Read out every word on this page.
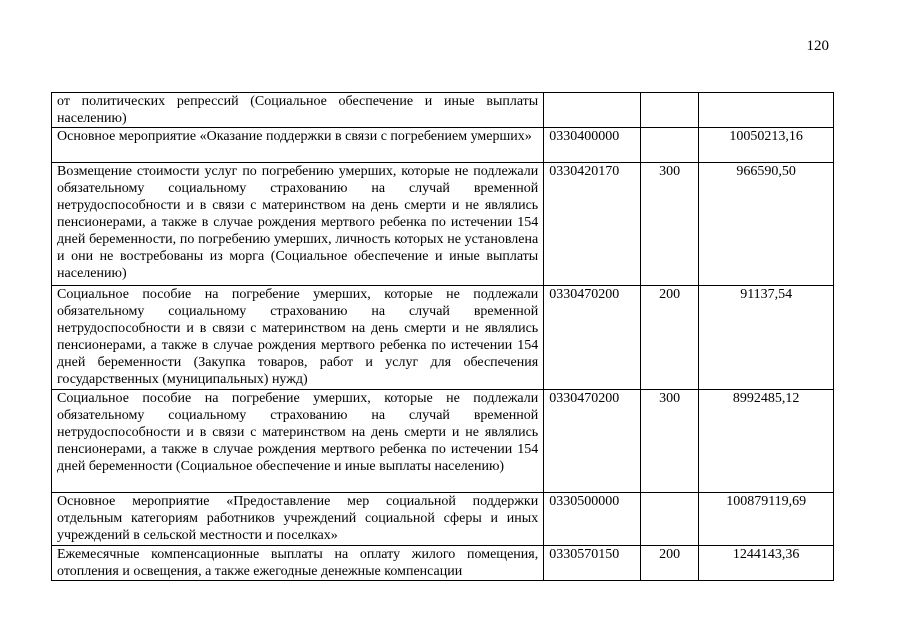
120
от политических репрессий (Социальное обеспечение и иные выплаты населению)			
Основное мероприятие «Оказание поддержки в связи с погребением умерших»	0330400000		10050213,16
Возмещение стоимости услуг по погребению умерших, которые не подлежали обязательному социальному страхованию на случай временной нетрудоспособности и в связи с материнством на день смерти и не являлись пенсионерами, а также в случае рождения мертвого ребенка по истечении 154 дней беременности, по погребению умерших, личность которых не установлена и они не востребованы из морга (Социальное обеспечение и иные выплаты населению)	0330420170	300	966590,50
Социальное пособие на погребение умерших, которые не подлежали обязательному социальному страхованию на случай временной нетрудоспособности и в связи с материнством на день смерти и не являлись пенсионерами, а также в случае рождения мертвого ребенка по истечении 154 дней беременности (Закупка товаров, работ и услуг для обеспечения государственных (муниципальных) нужд)	0330470200	200	91137,54
Социальное пособие на погребение умерших, которые не подлежали обязательному социальному страхованию на случай временной нетрудоспособности и в связи с материнством на день смерти и не являлись пенсионерами, а также в случае рождения мертвого ребенка по истечении 154 дней беременности (Социальное обеспечение и иные выплаты населению)	0330470200	300	8992485,12
Основное мероприятие «Предоставление мер социальной поддержки отдельным категориям работников учреждений социальной сферы и иных учреждений в сельской местности и поселках»	0330500000		100879119,69
Ежемесячные компенсационные выплаты на оплату жилого помещения, отопления и освещения, а также ежегодные денежные компенсации	0330570150	200	1244143,36
